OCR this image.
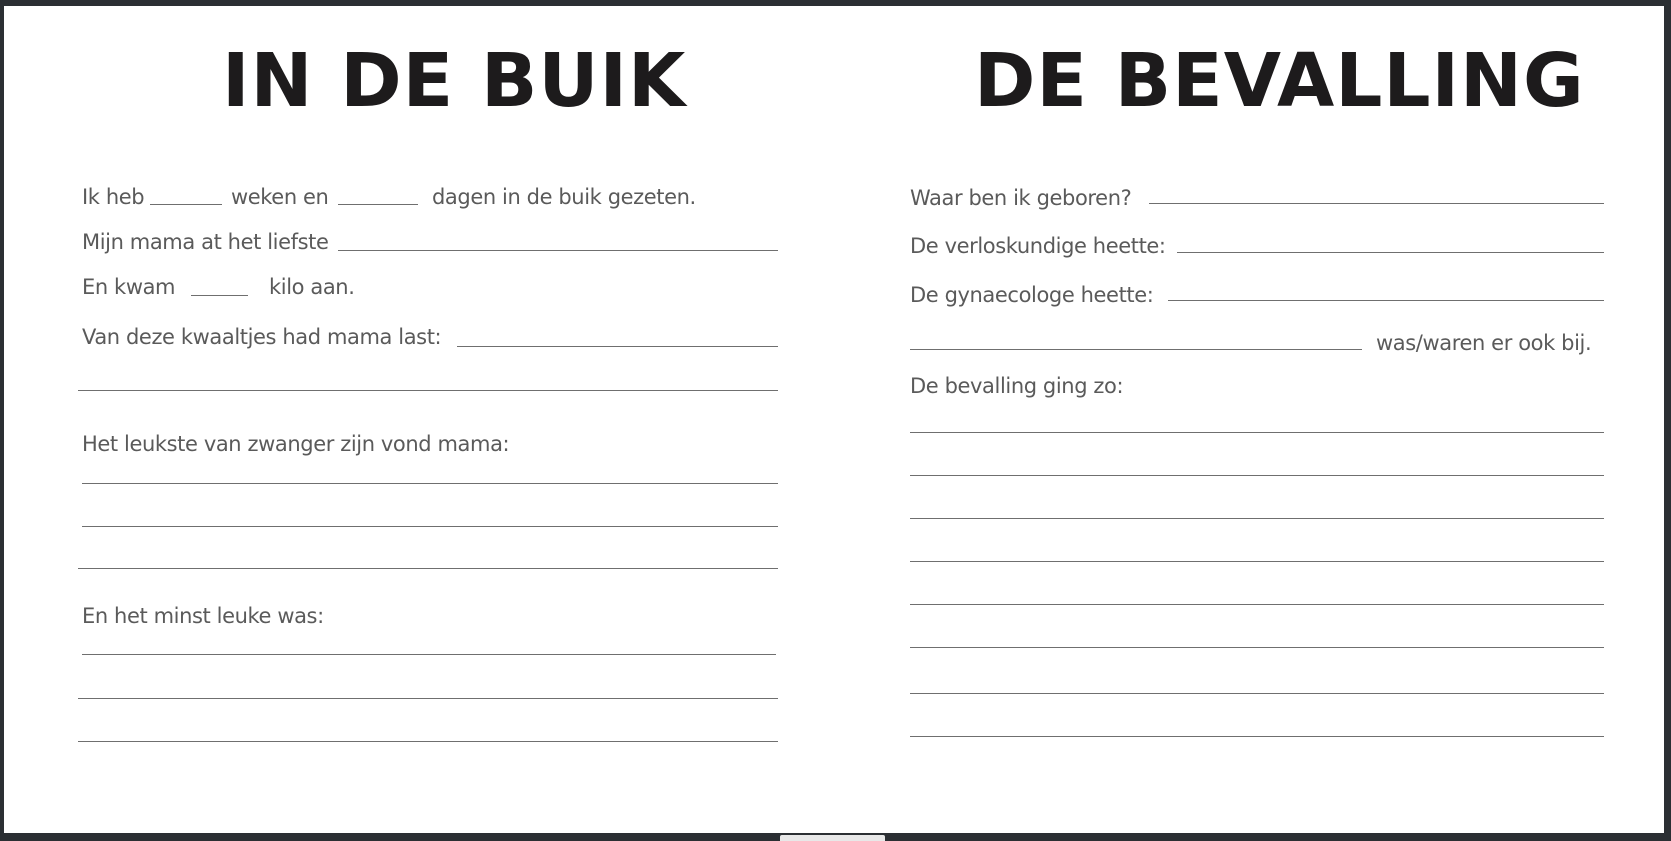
IN DE BUIK
Ik heb	weken en	dagen in de buik gezeten.
Mijn mama at het liefste
En kwam	kilo aan.
Van deze kwaaltjes had mama last:
Het leukste van zwanger zijn vond mama:
En het minst leuke was:
DE BEVALLING
Waar ben ik geboren?
De verloskundige heette:
De gynaecologe heette:
was/waren er ook bij.
De bevalling ging zo:
